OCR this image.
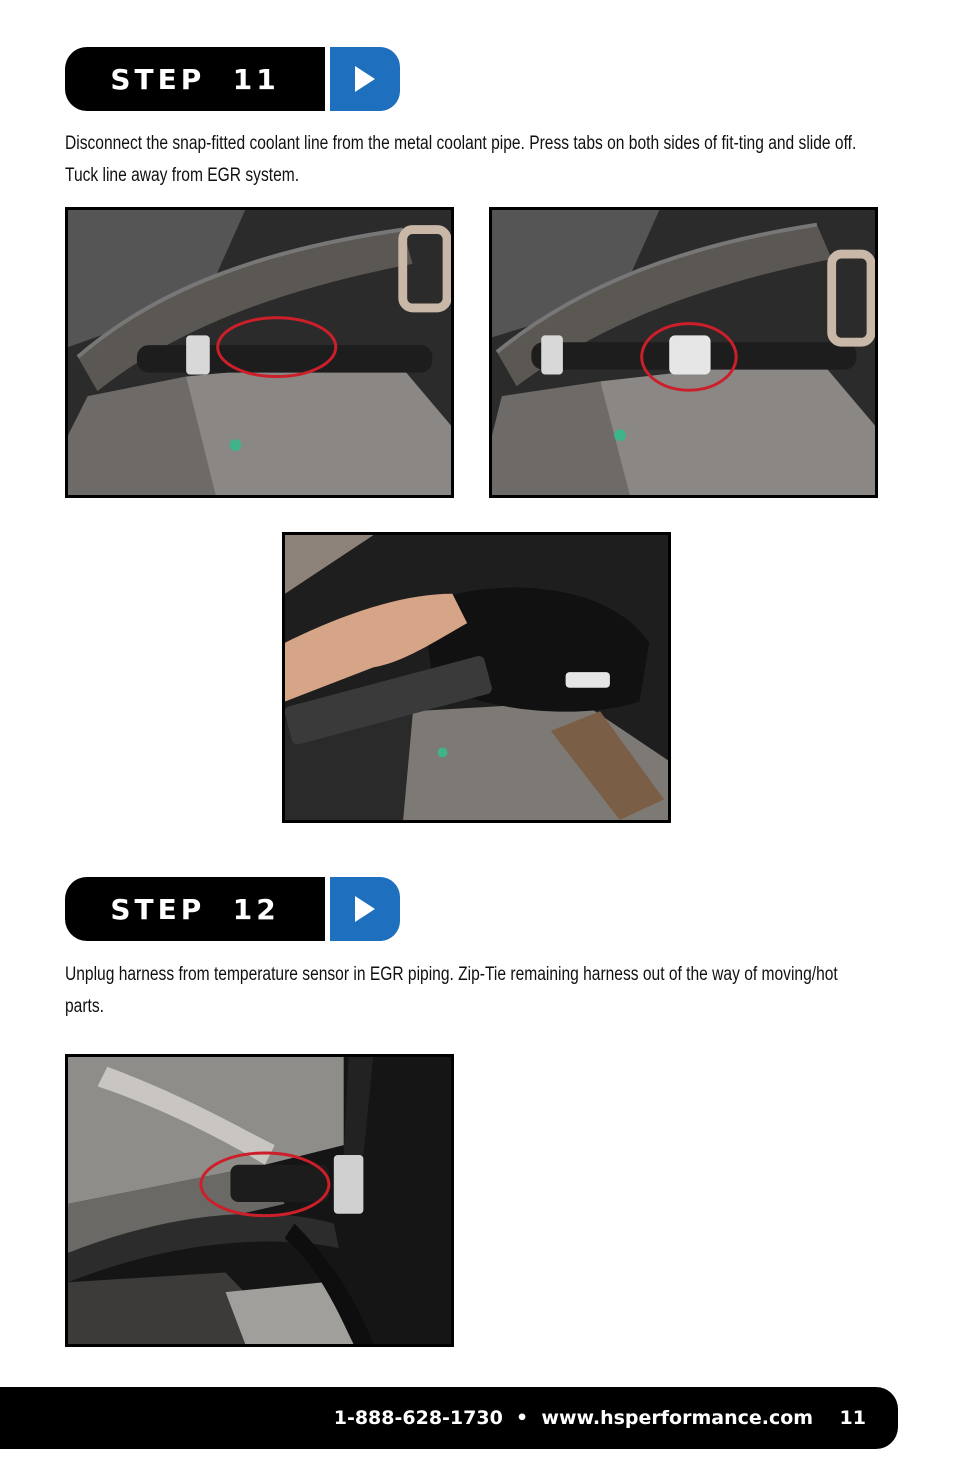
STEP  11

Disconnect the snap-fitted coolant line from the metal coolant pipe. Press tabs on both sides of fit-ting and slide off. Tuck line away from EGR system.

STEP  12

Unplug harness from temperature sensor in EGR piping. Zip-Tie remaining harness out of the way of moving/hot parts.

1-888-628-1730  •  www.hsperformance.com    11
